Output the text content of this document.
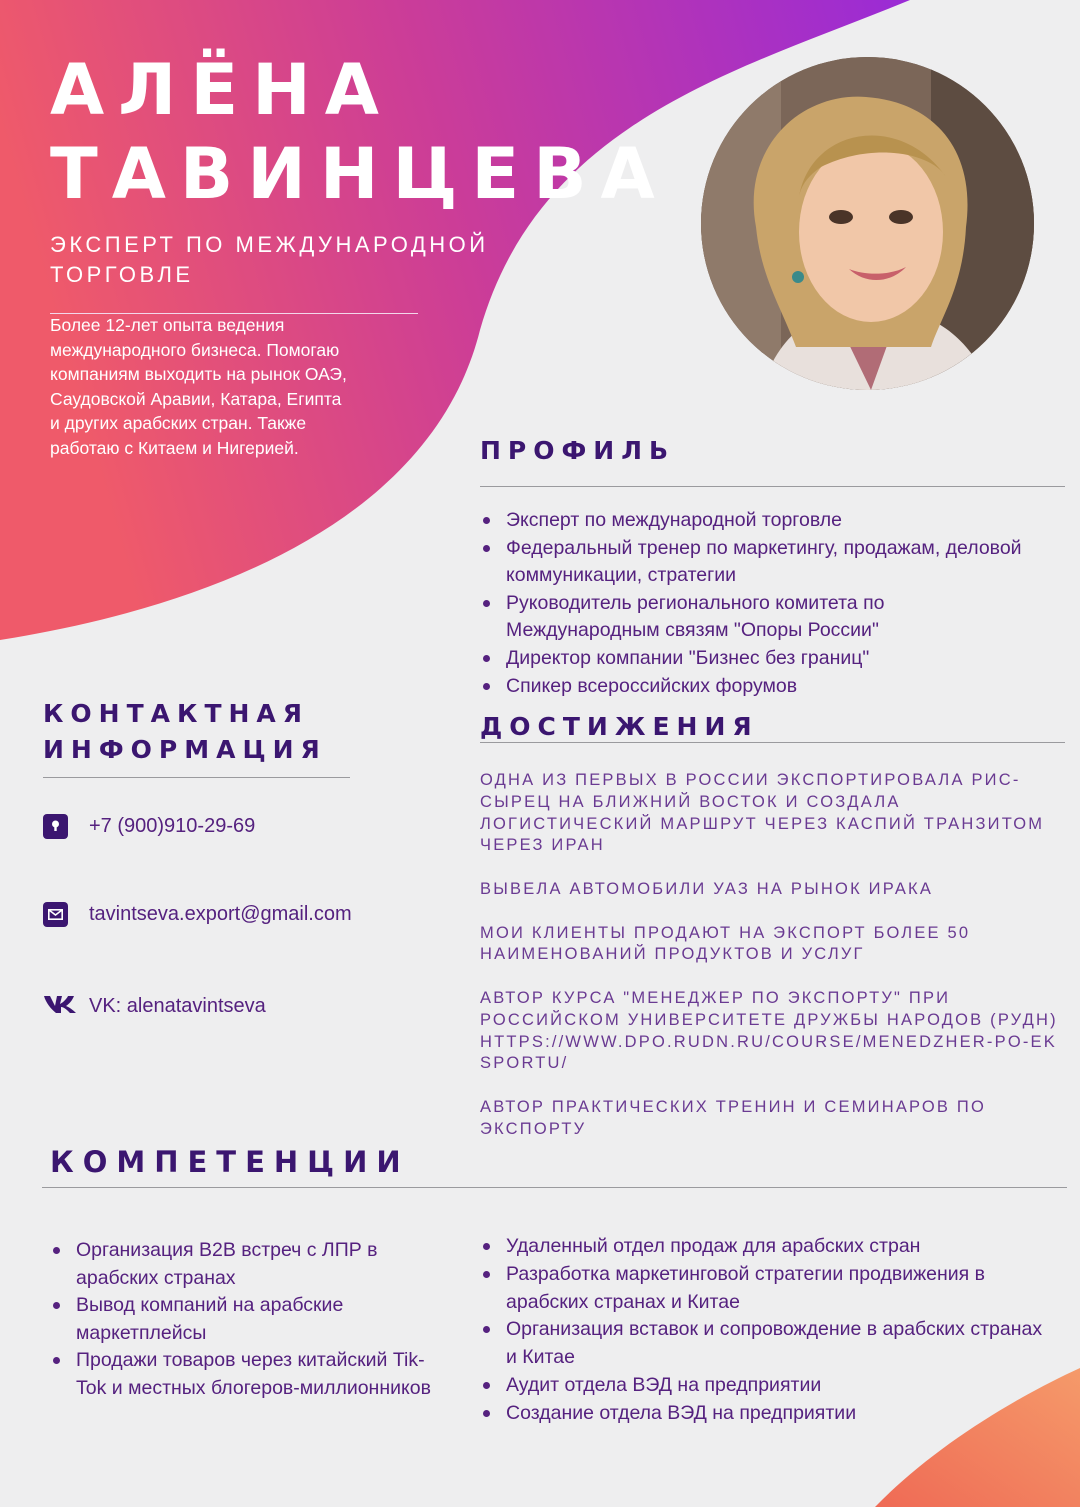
АЛЁНА
ТАВИНЦЕВА
ЭКСПЕРТ ПО МЕЖДУНАРОДНОЙ ТОРГОВЛЕ
Более 12-лет опыта ведения международного бизнеса. Помогаю компаниям выходить на рынок ОАЭ, Саудовской Аравии, Катара, Египта и других арабских стран. Также работаю с Китаем и Нигерией.	ПРОФИЛЬ
Эксперт по международной торговле
Федеральный тренер по маркетингу, продажам, деловой коммуникации, стратегии
Руководитель регионального комитета по Международным связям "Опоры России"
Директор компании "Бизнес без границ"
Спикер всероссийских форумов
ДОСТИЖЕНИЯ
ОДНА ИЗ ПЕРВЫХ В РОССИИ ЭКСПОРТИРОВАЛА РИС-СЫРЕЦ НА БЛИЖНИЙ ВОСТОК И СОЗДАЛА ЛОГИСТИЧЕСКИЙ МАРШРУТ ЧЕРЕЗ КАСПИЙ ТРАНЗИТОМ ЧЕРЕЗ ИРАН
ВЫВЕЛА АВТОМОБИЛИ УАЗ НА РЫНОК ИРАКА
МОИ КЛИЕНТЫ ПРОДАЮТ НА ЭКСПОРТ БОЛЕЕ 50 НАИМЕНОВАНИЙ ПРОДУКТОВ И УСЛУГ
АВТОР КУРСА "МЕНЕДЖЕР ПО ЭКСПОРТУ" ПРИ РОССИЙСКОМ УНИВЕРСИТЕТЕ ДРУЖБЫ НАРОДОВ (РУДН)
HTTPS://WWW.DPO.RUDN.RU/COURSE/MENEDZHER-PO-EKSPORTU/
АВТОР ПРАКТИЧЕСКИХ ТРЕНИН И СЕМИНАРОВ ПО ЭКСПОРТУ
КОНТАКТНАЯ
ИНФОРМАЦИЯ
+7 (900)910-29-69
tavintseva.export@gmail.com
VK: alenatavintseva
КОМПЕТЕНЦИИ
Организация B2B встреч с ЛПР в арабских странах
Вывод компаний на арабские маркетплейсы
Продажи товаров через китайский Tik-Tok и местных блогеров-миллионников
Удаленный отдел продаж для арабских стран
Разработка маркетинговой стратегии продвижения в арабских странах и Китае
Организация вставок и сопровождение в арабских странах и Китае
Аудит отдела ВЭД на предприятии
Создание отдела ВЭД на предприятии
